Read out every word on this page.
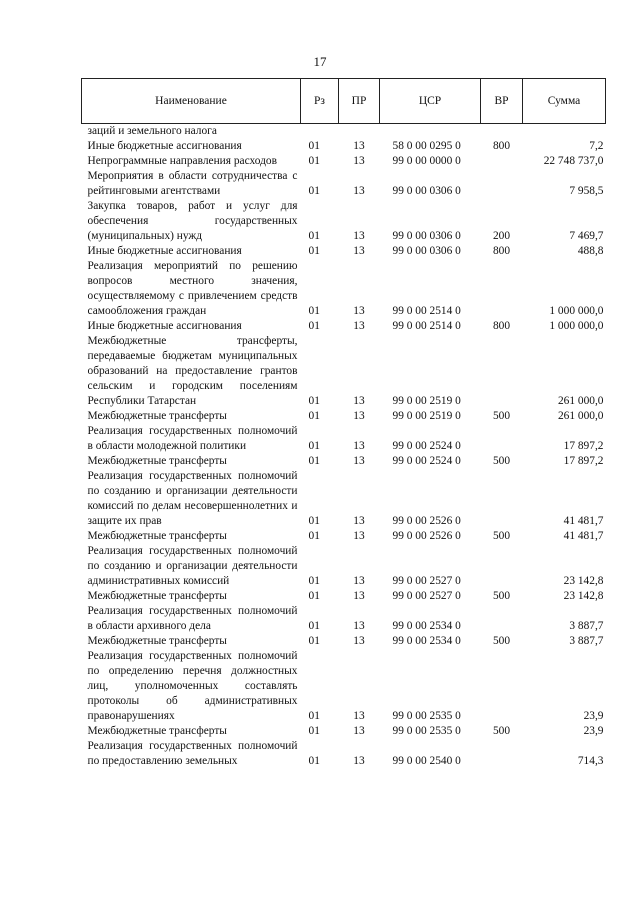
17
Наименование	Рз	ПР	ЦСР	ВР	Сумма
заций и земельного налога					
Иные бюджетные ассигнования	01	13	58 0 00 0295 0	800	7,2
Непрограммные направления расходов	01	13	99 0 00 0000 0		22 748 737,0
Мероприятия в области сотрудничества с рейтинговыми агентствами	01	13	99 0 00 0306 0		7 958,5
Закупка товаров, работ и услуг для обеспечения государственных (муниципальных) нужд	01	13	99 0 00 0306 0	200	7 469,7
Иные бюджетные ассигнования	01	13	99 0 00 0306 0	800	488,8
Реализация мероприятий по решению вопросов местного значения, осуществляемому с привлечением средств самообложения граждан	01	13	99 0 00 2514 0		1 000 000,0
Иные бюджетные ассигнования	01	13	99 0 00 2514 0	800	1 000 000,0
Межбюджетные трансферты, передаваемые бюджетам муниципальных образований на предоставление грантов сельским и городским поселениям Республики Татарстан	01	13	99 0 00 2519 0		261 000,0
Межбюджетные трансферты	01	13	99 0 00 2519 0	500	261 000,0
Реализация государственных полномочий в области молодежной политики	01	13	99 0 00 2524 0		17 897,2
Межбюджетные трансферты	01	13	99 0 00 2524 0	500	17 897,2
Реализация государственных полномочий по созданию и организации деятельности комиссий по делам несовершеннолетних и защите их прав	01	13	99 0 00 2526 0		41 481,7
Межбюджетные трансферты	01	13	99 0 00 2526 0	500	41 481,7
Реализация государственных полномочий по созданию и организации деятельности административных комиссий	01	13	99 0 00 2527 0		23 142,8
Межбюджетные трансферты	01	13	99 0 00 2527 0	500	23 142,8
Реализация государственных полномочий в области архивного дела	01	13	99 0 00 2534 0		3 887,7
Межбюджетные трансферты	01	13	99 0 00 2534 0	500	3 887,7
Реализация государственных полномочий по определению перечня должностных лиц, уполномоченных составлять протоколы об административных правонарушениях	01	13	99 0 00 2535 0		23,9
Межбюджетные трансферты	01	13	99 0 00 2535 0	500	23,9
Реализация государственных полномочий по предоставлению земельных	01	13	99 0 00 2540 0		714,3
